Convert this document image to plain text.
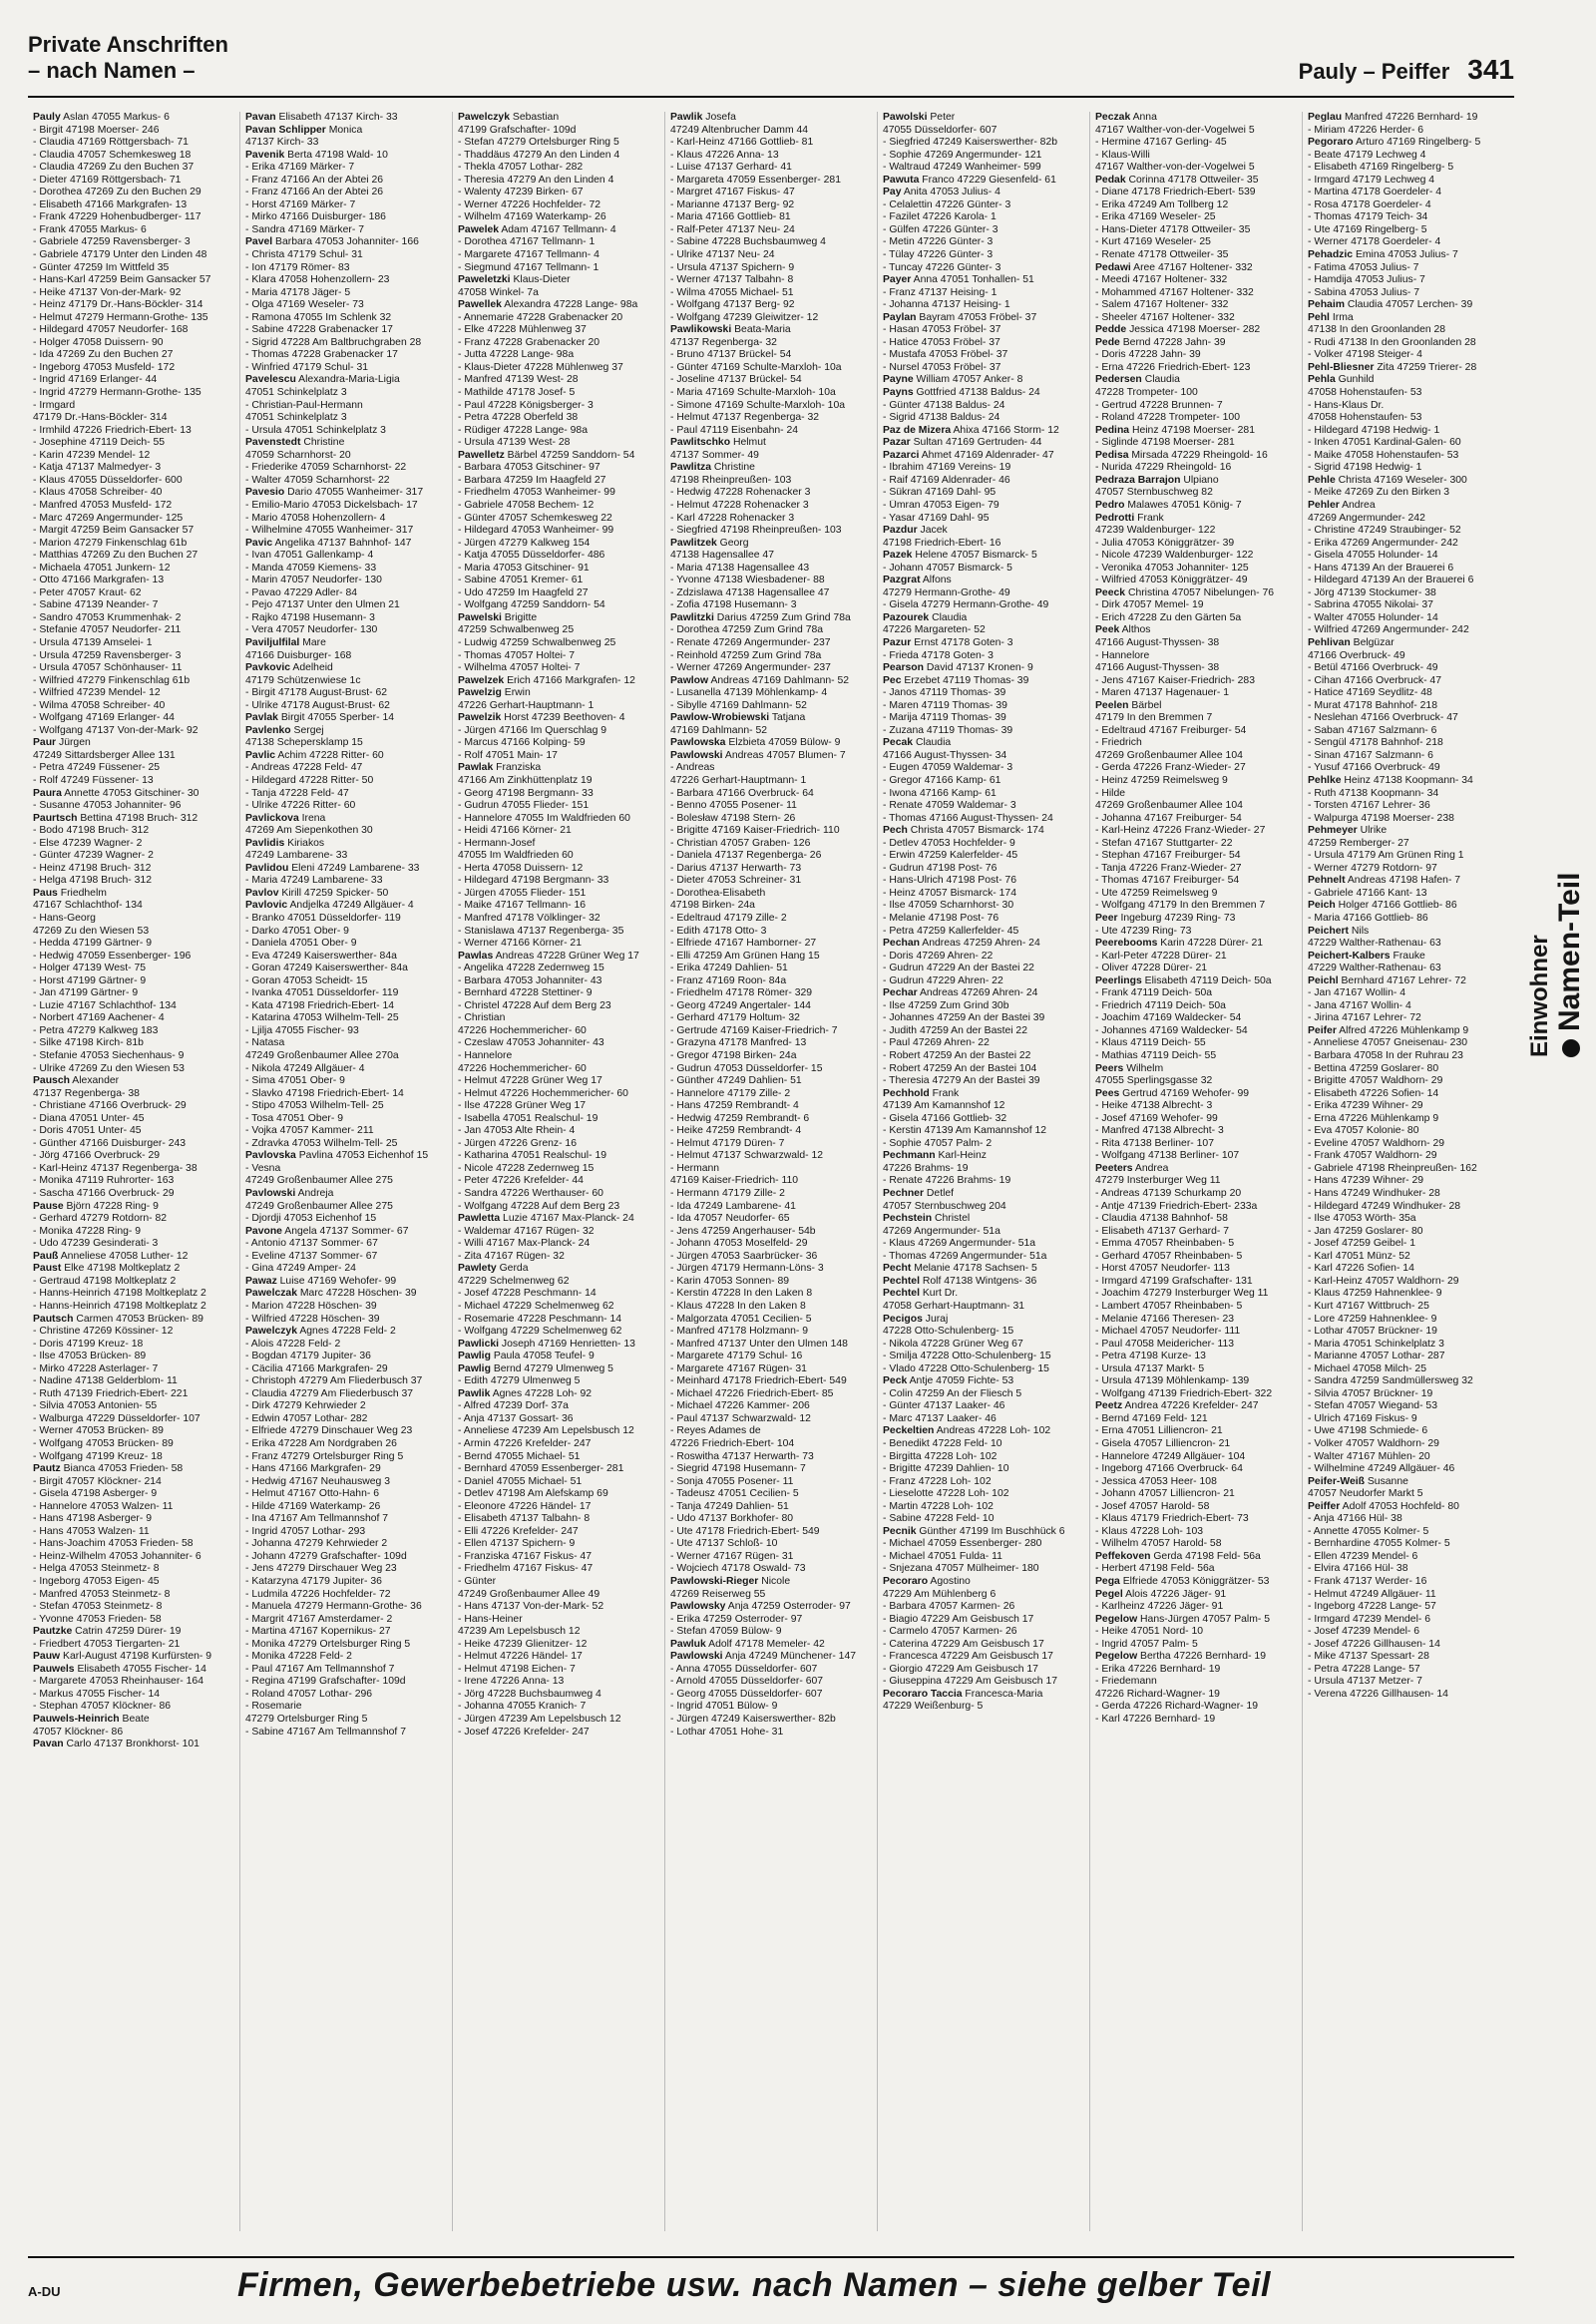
Private Anschriften
– nach Namen –	Pauly – Peiffer 341
Pauly Aslan 47055 Markus- 6
- Birgit 47198 Moerser- 246
- Claudia 47169 Röttgersbach- 71
- Claudia 47057 Schemkesweg 18
- Claudia 47269 Zu den Buchen 37
- Dieter 47169 Röttgersbach- 71
- Dorothea 47269 Zu den Buchen 29
- Elisabeth 47166 Markgrafen- 13
- Frank 47229 Hohenbudberger- 117
- Frank 47055 Markus- 6
- Gabriele 47259 Ravensberger- 3
- Gabriele 47179 Unter den Linden 48
- Günter 47259 Im Wittfeld 35
- Hans-Karl 47259 Beim Gansacker 57
- Heike 47137 Von-der-Mark- 92
- Heinz 47179 Dr.-Hans-Böckler- 314
- Helmut 47279 Hermann-Grothe- 135
- Hildegard 47057 Neudorfer- 168
- Holger 47058 Duissern- 90
- Ida 47269 Zu den Buchen 27
- Ingeborg 47053 Musfeld- 172
- Ingrid 47169 Erlanger- 44
- Ingrid 47279 Hermann-Grothe- 135
- Irmgard
47179 Dr.-Hans-Böckler- 314
- Irmhild 47226 Friedrich-Ebert- 13
- Josephine 47119 Deich- 55
- Karin 47239 Mendel- 12
- Katja 47137 Malmedyer- 3
- Klaus 47055 Düsseldorfer- 600
- Klaus 47058 Schreiber- 40
- Manfred 47053 Musfeld- 172
- Marc 47269 Angermunder- 125
- Margit 47259 Beim Gansacker 57
- Marion 47279 Finkenschlag 61b
- Matthias 47269 Zu den Buchen 27
- Michaela 47051 Junkern- 12
- Otto 47166 Markgrafen- 13
- Peter 47057 Kraut- 62
- Sabine 47139 Neander- 7
- Sandro 47053 Krummenhak- 2
- Stefanie 47057 Neudorfer- 211
- Ursula 47139 Amselei- 1
- Ursula 47259 Ravensberger- 3
- Ursula 47057 Schönhauser- 11
- Wilfried 47279 Finkenschlag 61b
- Wilfried 47239 Mendel- 12
- Wilma 47058 Schreiber- 40
- Wolfgang 47169 Erlanger- 44
- Wolfgang 47137 Von-der-Mark- 92
Paur Jürgen
47249 Sittardsberger Allee 131
- Petra 47249 Füssener- 25
- Rolf 47249 Füssener- 13
Paura Annette 47053 Gitschiner- 30
- Susanne 47053 Johanniter- 96
Paurtsch Bettina 47198 Bruch- 312
- Bodo 47198 Bruch- 312
- Else 47239 Wagner- 2
- Günter 47239 Wagner- 2
- Heinz 47198 Bruch- 312
- Helga 47198 Bruch- 312
Paus Friedhelm
47167 Schlachthof- 134
- Hans-Georg
47269 Zu den Wiesen 53
- Hedda 47199 Gärtner- 9
- Hedwig 47059 Essenberger- 196
- Holger 47139 West- 75
- Horst 47199 Gärtner- 9
- Jan 47199 Gärtner- 9
- Luzie 47167 Schlachthof- 134
- Norbert 47169 Aachener- 4
- Petra 47279 Kalkweg 183
- Silke 47198 Kirch- 81b
- Stefanie 47053 Siechenhaus- 9
- Ulrike 47269 Zu den Wiesen 53
Pausch Alexander
47137 Regenberga- 38
- Christiane 47166 Overbruck- 29
- Diana 47051 Unter- 45
- Doris 47051 Unter- 45
- Günther 47166 Duisburger- 243
- Jörg 47166 Overbruck- 29
- Karl-Heinz 47137 Regenberga- 38
- Monika 47119 Ruhrorter- 163
- Sascha 47166 Overbruck- 29
Pause Björn 47228 Ring- 9
- Gerhard 47279 Rotdorn- 82
- Monika 47228 Ring- 9
- Udo 47239 Gesinderati- 3
Pauß Anneliese 47058 Luther- 12
Paust Elke 47198 Moltkeplatz 2
- Gertraud 47198 Moltkeplatz 2
- Hanns-Heinrich 47198 Moltkeplatz 2
- Hanns-Heinrich 47198 Moltkeplatz 2
Pautsch Carmen 47053 Brücken- 89
- Christine 47269 Kössiner- 12
- Doris 47199 Kreuz- 18
- Ilse 47053 Brücken- 89
- Mirko 47228 Asterlager- 7
- Nadine 47138 Gelderblom- 11
- Ruth 47139 Friedrich-Ebert- 221
- Silvia 47053 Antonien- 55
- Walburga 47229 Düsseldorfer- 107
- Werner 47053 Brücken- 89
- Wolfgang 47053 Brücken- 89
- Wolfgang 47199 Kreuz- 18
Pautz Bianca 47053 Frieden- 58
- Birgit 47057 Klöckner- 214
- Gisela 47198 Asberger- 9
- Hannelore 47053 Walzen- 11
- Hans 47198 Asberger- 9
- Hans 47053 Walzen- 11
- Hans-Joachim 47053 Frieden- 58
- Heinz-Wilhelm 47053 Johanniter- 6
- Helga 47053 Steinmetz- 8
- Ingeborg 47053 Eigen- 45
- Manfred 47053 Steinmetz- 8
- Stefan 47053 Steinmetz- 8
- Yvonne 47053 Frieden- 58
Pautzke Catrin 47259 Dürer- 19
- Friedbert 47053 Tiergarten- 21
Pauw Karl-August 47198 Kurfürsten- 9
Pauwels Elisabeth 47055 Fischer- 14
- Margarete 47053 Rheinhauser- 164
- Markus 47055 Fischer- 14
- Stephan 47057 Klöckner- 86
Pauwels-Heinrich Beate
47057 Klöckner- 86
Pavan Carlo 47137 Bronkhorst- 101
Pavan Elisabeth 47137 Kirch- 33
Pavan Schlipper Monica
47137 Kirch- 33
Pavenik Berta 47198 Wald- 10
- Erika 47169 Märker- 7
- Franz 47166 An der Abtei 26
- Franz 47166 An der Abtei 26
- Horst 47169 Märker- 7
- Mirko 47166 Duisburger- 186
- Sandra 47169 Märker- 7
Pavel Barbara 47053 Johanniter- 166
- Christa 47179 Schul- 31
- Ion 47179 Römer- 83
- Klara 47058 Hohenzollern- 23
- Maria 47178 Jäger- 5
- Olga 47169 Weseler- 73
- Ramona 47055 Im Schlenk 32
- Sabine 47228 Grabenacker 17
- Sigrid 47228 Am Baltbruchgraben 28
- Thomas 47228 Grabenacker 17
- Winfried 47179 Schul- 31
Pavelescu Alexandra-Maria-Ligia
47051 Schinkelplatz 3
- Christian-Paul-Hermann
47051 Schinkelplatz 3
- Ursula 47051 Schinkelplatz 3
Pavenstedt Christine
47059 Scharnhorst- 20
- Friederike 47059 Scharnhorst- 22
- Walter 47059 Scharnhorst- 22
Pavesio Dario 47055 Wanheimer- 317
- Emilio-Mario 47053 Dickelsbach- 17
- Mario 47058 Hohenzollern- 4
- Wilhelmine 47055 Wanheimer- 317
Pavic Angelika 47137 Bahnhof- 147
- Ivan 47051 Gallenkamp- 4
- Manda 47059 Kiemens- 33
- Marin 47057 Neudorfer- 130
- Pavao 47229 Adler- 84
- Pejo 47137 Unter den Ulmen 21
- Rajko 47198 Husemann- 3
- Vera 47057 Neudorfer- 130
Paviljulfilal Mare
47166 Duisburger- 168
Pavkovic Adelheid
47179 Schützenwiese 1c
- Birgit 47178 August-Brust- 62
- Ulrike 47178 August-Brust- 62
Pavlak Birgit 47055 Sperber- 14
Pavlenko Sergej
47138 Schepersklamp 15
Pavlic Achim 47228 Ritter- 60
- Andreas 47228 Feld- 47
- Hildegard 47228 Ritter- 50
- Tanja 47228 Feld- 47
- Ulrike 47226 Ritter- 60
Pavlickova Irena
47269 Am Siepenkothen 30
Pavlidis Kiriakos
47249 Lambarene- 33
Pavlidou Eleni 47249 Lambarene- 33
- Maria 47249 Lambarene- 33
Pavlov Kirill 47259 Spicker- 50
Pavlovic Andjelka 47249 Allgäuer- 4
- Branko 47051 Düsseldorfer- 119
- Darko 47051 Ober- 9
- Daniela 47051 Ober- 9
- Eva 47249 Kaiserswerther- 84a
- Goran 47249 Kaiserswerther- 84a
- Goran 47053 Scheidt- 15
- Ivanka 47051 Düsseldorfer- 119
- Kata 47198 Friedrich-Ebert- 14
- Katarina 47053 Wilhelm-Tell- 25
- Ljilja 47055 Fischer- 93
- Natasa
47249 Großenbaumer Allee 270a
- Nikola 47249 Allgäuer- 4
- Sima 47051 Ober- 9
- Slavko 47198 Friedrich-Ebert- 14
- Stipo 47053 Wilhelm-Tell- 25
- Tosa 47051 Ober- 9
- Vojka 47057 Kammer- 211
- Zdravka 47053 Wilhelm-Tell- 25
Pavlovska Pavlina 47053 Eichenhof 15
- Vesna
47249 Großenbaumer Allee 275
Pavlowski Andreja
47249 Großenbaumer Allee 275
- Djordji 47053 Eichenhof 15
Pavone Angela 47137 Sommer- 67
- Antonio 47137 Sommer- 67
- Eveline 47137 Sommer- 67
- Gina 47249 Amper- 24
Pawaz Luise 47169 Wehofer- 99
Pawelczak Marc 47228 Höschen- 39
- Marion 47228 Höschen- 39
- Wilfried 47228 Höschen- 39
Pawelczyk Agnes 47228 Feld- 2
- Alois 47228 Feld- 2
- Bogdan 47179 Jupiter- 36
- Cäcilia 47166 Markgrafen- 29
- Christoph 47279 Am Fliederbusch 37
- Claudia 47279 Am Fliederbusch 37
- Dirk 47279 Kehrwieder 2
- Edwin 47057 Lothar- 282
- Elfriede 47279 Dinschauer Weg 23
- Erika 47228 Am Nordgraben 26
- Franz 47279 Ortelsburger Ring 5
- Hans 47166 Markgrafen- 29
- Hedwig 47167 Neuhausweg 3
- Helmut 47167 Otto-Hahn- 6
- Hilde 47169 Waterkamp- 26
- Ina 47167 Am Tellmannshof 7
- Ingrid 47057 Lothar- 293
- Johanna 47279 Kehrwieder 2
- Johann 47279 Grafschafter- 109d
- Jens 47279 Dirschauer Weg 23
- Katarzyna 47179 Jupiter- 36
- Ludmila 47226 Hochfelder- 72
- Manuela 47279 Hermann-Grothe- 36
- Margrit 47167 Amsterdamer- 2
- Martina 47167 Kopernikus- 27
- Monika 47279 Ortelsburger Ring 5
- Monika 47228 Feld- 2
- Paul 47167 Am Tellmannshof 7
- Regina 47199 Grafschafter- 109d
- Roland 47057 Lothar- 296
- Rosemarie
47279 Ortelsburger Ring 5
- Sabine 47167 Am Tellmannshof 7
Pawelczyk Sebastian
47199 Grafschafter- 109d
- Stefan 47279 Ortelsburger Ring 5
- Thaddäus 47279 An den Linden 4
- Thekla 47057 Lothar- 282
- Theresia 47279 An den Linden 4
- Walenty 47239 Birken- 67
- Werner 47226 Hochfelder- 72
- Wilhelm 47169 Waterkamp- 26
Pawelek Adam 47167 Tellmann- 4
- Dorothea 47167 Tellmann- 1
- Margarete 47167 Tellmann- 4
- Siegmund 47167 Tellmann- 1
Paweletzki Klaus-Dieter
47058 Winkel- 7a
Pawellek Alexandra 47228 Lange- 98a
- Annemarie 47228 Grabenacker 20
- Elke 47228 Mühlenweg 37
- Franz 47228 Grabenacker 20
- Jutta 47228 Lange- 98a
- Klaus-Dieter 47228 Mühlenweg 37
- Manfred 47139 West- 28
- Mathilde 47178 Josef- 5
- Paul 47228 Königsberger- 3
- Petra 47228 Oberfeld 38
- Rüdiger 47228 Lange- 98a
- Ursula 47139 West- 28
Pawelletz Bärbel 47259 Sanddorn- 54
- Barbara 47053 Gitschiner- 97
- Barbara 47259 Im Haagfeld 27
- Friedhelm 47053 Wanheimer- 99
- Gabriele 47058 Bechem- 12
- Günter 47057 Schemkesweg 22
- Hildegard 47053 Wanheimer- 99
- Jürgen 47279 Kalkweg 154
- Katja 47055 Düsseldorfer- 486
- Maria 47053 Gitschiner- 91
- Sabine 47051 Kremer- 61
- Udo 47259 Im Haagfeld 27
- Wolfgang 47259 Sanddorn- 54
Pawelski Brigitte
47259 Schwalbenweg 25
- Ludwig 47259 Schwalbenweg 25
- Thomas 47057 Holtei- 7
- Wilhelma 47057 Holtei- 7
Pawelzek Erich 47166 Markgrafen- 12
Pawelzig Erwin
47226 Gerhart-Hauptmann- 1
Pawelzik Horst 47239 Beethoven- 4
- Jürgen 47166 Im Querschlag 9
- Marcus 47166 Kolping- 59
- Rolf 47051 Main- 17
Pawlak Franziska
47166 Am Zinkhüttenplatz 19
- Georg 47198 Bergmann- 33
- Gudrun 47055 Flieder- 151
- Hannelore 47055 Im Waldfrieden 60
- Heidi 47166 Körner- 21
- Hermann-Josef
47055 Im Waldfrieden 60
- Herta 47058 Duissern- 12
- Hildegard 47198 Bergmann- 33
- Jürgen 47055 Flieder- 151
- Maike 47167 Tellmann- 16
- Manfred 47178 Völklinger- 32
- Stanislawa 47137 Regenberga- 35
- Werner 47166 Körner- 21
Pawlas Andreas 47228 Grüner Weg 17
- Angelika 47228 Zedernweg 15
- Barbara 47053 Johanniter- 43
- Bernhard 47228 Stettiner- 9
- Christel 47228 Auf dem Berg 23
- Christian
47226 Hochemmericher- 60
- Czeslaw 47053 Johanniter- 43
- Hannelore
47226 Hochemmericher- 60
- Helmut 47228 Grüner Weg 17
- Helmut 47226 Hochemmericher- 60
- Ilse 47228 Grüner Weg 17
- Isabella 47051 Realschul- 19
- Jan 47053 Alte Rhein- 4
- Jürgen 47226 Grenz- 16
- Katharina 47051 Realschul- 19
- Nicole 47228 Zedernweg 15
- Peter 47226 Krefelder- 44
- Sandra 47226 Werthauser- 60
- Wolfgang 47228 Auf dem Berg 23
Pawletta Luzie 47167 Max-Planck- 24
- Waldemar 47167 Rügen- 32
- Willi 47167 Max-Planck- 24
- Zita 47167 Rügen- 32
Pawlety Gerda
47229 Schelmenweg 62
- Josef 47228 Peschmann- 14
- Michael 47229 Schelmenweg 62
- Rosemarie 47228 Peschmann- 14
- Wolfgang 47229 Schelmenweg 62
Pawlicki Joseph 47169 Henrietten- 13
Pawlig Paula 47058 Teufel- 9
Pawlig Bernd 47279 Ulmenweg 5
- Edith 47279 Ulmenweg 5
Pawlik Agnes 47228 Loh- 92
- Alfred 47239 Dorf- 37a
- Anja 47137 Gossart- 36
- Anneliese 47239 Am Lepelsbusch 12
- Armin 47226 Krefelder- 247
- Bernd 47055 Michael- 51
- Bernhard 47059 Essenberger- 281
- Daniel 47055 Michael- 51
- Detlev 47198 Am Alefskamp 69
- Eleonore 47226 Händel- 17
- Elisabeth 47137 Talbahn- 8
- Elli 47226 Krefelder- 247
- Ellen 47137 Spichern- 9
- Franziska 47167 Fiskus- 47
- Friedhelm 47167 Fiskus- 47
- Günter
47249 Großenbaumer Allee 49
- Hans 47137 Von-der-Mark- 52
- Hans-Heiner
47239 Am Lepelsbusch 12
- Heike 47239 Glienitzer- 12
- Helmut 47226 Händel- 17
- Helmut 47198 Eichen- 7
- Irene 47226 Anna- 13
- Jörg 47228 Buchsbaumweg 4
- Johanna 47055 Kranich- 7
- Jürgen 47239 Am Lepelsbusch 12
- Josef 47226 Krefelder- 247
Pawlik Josefa
47249 Altenbrucher Damm 44
- Karl-Heinz 47166 Gottlieb- 81
- Klaus 47226 Anna- 13
- Luise 47137 Gerhard- 41
- Margareta 47059 Essenberger- 281
- Margret 47167 Fiskus- 47
- Marianne 47137 Berg- 92
- Maria 47166 Gottlieb- 81
- Ralf-Peter 47137 Neu- 24
- Sabine 47228 Buchsbaumweg 4
- Ulrike 47137 Neu- 24
- Ursula 47137 Spichern- 9
- Werner 47137 Talbahn- 8
- Wilma 47055 Michael- 51
- Wolfgang 47137 Berg- 92
- Wolfgang 47239 Gleiwitzer- 12
Pawlikowski Beata-Maria
47137 Regenberga- 32
- Bruno 47137 Brückel- 54
- Günter 47169 Schulte-Marxloh- 10a
- Joseline 47137 Brückel- 54
- Maria 47169 Schulte-Marxloh- 10a
- Simone 47169 Schulte-Marxloh- 10a
- Helmut 47137 Regenberga- 32
- Paul 47119 Eisenbahn- 24
Pawlitschko Helmut
47137 Sommer- 49
Pawlitza Christine
47198 Rheinpreußen- 103
- Hedwig 47228 Rohenacker 3
- Helmut 47228 Rohenacker 3
- Karl 47228 Rohenacker 3
- Siegfried 47198 Rheinpreußen- 103
Pawlitzek Georg
47138 Hagensallee 47
- Maria 47138 Hagensallee 43
- Yvonne 47138 Wiesbadener- 88
- Zdzislawa 47138 Hagensallee 47
- Zofia 47198 Husemann- 3
Pawlitzki Darius 47259 Zum Grind 78a
- Dorothea 47259 Zum Grind 78a
- Renate 47269 Angermunder- 237
- Reinhold 47259 Zum Grind 78a
- Werner 47269 Angermunder- 237
Pawlow Andreas 47169 Dahlmann- 52
- Lusanella 47139 Möhlenkamp- 4
- Sibylle 47169 Dahlmann- 52
Pawlow-Wrobiewski Tatjana
47169 Dahlmann- 52
Pawlowska Elzbieta 47059 Bülow- 9
Pawlowski Andreas 47057 Blumen- 7
- Andreas
47226 Gerhart-Hauptmann- 1
- Barbara 47166 Overbruck- 64
- Benno 47055 Posener- 11
- Bolesław 47198 Stern- 26
- Brigitte 47169 Kaiser-Friedrich- 110
- Christian 47057 Graben- 126
- Daniela 47137 Regenberga- 26
- Darius 47137 Herwarth- 73
- Dieter 47053 Schreiner- 31
- Dorothea-Elisabeth
47198 Birken- 24a
- Edeltraud 47179 Zille- 2
- Edith 47178 Otto- 3
- Elfriede 47167 Hamborner- 27
- Elli 47259 Am Grünen Hang 15
- Erika 47249 Dahlien- 51
- Franz 47169 Roon- 84a
- Friedhelm 47178 Römer- 329
- Georg 47249 Angertaler- 144
- Gerhard 47179 Holtum- 32
- Gertrude 47169 Kaiser-Friedrich- 7
- Grazyna 47178 Manfred- 13
- Gregor 47198 Birken- 24a
- Gudrun 47053 Düsseldorfer- 15
- Günther 47249 Dahlien- 51
- Hannelore 47179 Zille- 2
- Hans 47259 Rembrandt- 4
- Hedwig 47259 Rembrandt- 6
- Heike 47259 Rembrandt- 4
- Helmut 47179 Düren- 7
- Helmut 47137 Schwarzwald- 12
- Hermann
47169 Kaiser-Friedrich- 110
- Hermann 47179 Zille- 2
- Ida 47249 Lambarene- 41
- Ida 47057 Neudorfer- 65
- Jens 47259 Angerhauser- 54b
- Johann 47053 Moselfeld- 29
- Jürgen 47053 Saarbrücker- 36
- Jürgen 47179 Hermann-Löns- 3
- Karin 47053 Sonnen- 89
- Kerstin 47228 In den Laken 8
- Klaus 47228 In den Laken 8
- Malgorzata 47051 Cecilien- 5
- Manfred 47178 Holzmann- 9
- Manfred 47137 Unter den Ulmen 148
- Margarete 47179 Schul- 16
- Margarete 47167 Rügen- 31
- Meinhard 47178 Friedrich-Ebert- 549
- Michael 47226 Friedrich-Ebert- 85
- Michael 47226 Kammer- 206
- Paul 47137 Schwarzwald- 12
- Reyes Adames de
47226 Friedrich-Ebert- 104
- Roswitha 47137 Herwarth- 73
- Siegrid 47198 Husemann- 7
- Sonja 47055 Posener- 11
- Tadeusz 47051 Cecilien- 5
- Tanja 47249 Dahlien- 51
- Udo 47137 Borkhofer- 80
- Ute 47178 Friedrich-Ebert- 549
- Ute 47137 Schloß- 10
- Werner 47167 Rügen- 31
- Wojciech 47178 Oswald- 73
Pawlowski-Rieger Nicole
47269 Reiserweg 55
Pawlowsky Anja 47259 Osterroder- 97
- Erika 47259 Osterroder- 97
- Stefan 47059 Bülow- 9
Pawluk Adolf 47178 Memeler- 42
Pawlowski Anja 47249 Münchener- 147
- Anna 47055 Düsseldorfer- 607
- Arnold 47055 Düsseldorfer- 607
- Georg 47055 Düsseldorfer- 607
- Ingrid 47051 Bülow- 9
- Jürgen 47249 Kaiserswerther- 82b
- Lothar 47051 Hohe- 31
Pawolski Peter
47055 Düsseldorfer- 607
- Siegfried 47249 Kaiserswerther- 82b
- Sophie 47269 Angermunder- 121
- Waltraud 47249 Wanheimer- 599
Pawuta Franco 47229 Giesenfeld- 61
Pay Anita 47053 Julius- 4
- Celalettin 47226 Günter- 3
- Fazilet 47226 Karola- 1
- Gülfen 47226 Günter- 3
- Metin 47226 Günter- 3
- Tülay 47226 Günter- 3
- Tuncay 47226 Günter- 3
Payer Anna 47051 Tonhallen- 51
- Franz 47137 Heising- 1
- Johanna 47137 Heising- 1
Paylan Bayram 47053 Fröbel- 37
- Hasan 47053 Fröbel- 37
- Hatice 47053 Fröbel- 37
- Mustafa 47053 Fröbel- 37
- Nursel 47053 Fröbel- 37
Payne William 47057 Anker- 8
Payns Gottfried 47138 Baldus- 24
- Günter 47138 Baldus- 24
- Sigrid 47138 Baldus- 24
Paz de Mizera Ahixa 47166 Storm- 12
Pazar Sultan 47169 Gertruden- 44
Pazarci Ahmet 47169 Aldenrader- 47
- Ibrahim 47169 Vereins- 19
- Raif 47169 Aldenrader- 46
- Sükran 47169 Dahl- 95
- Ümran 47053 Eigen- 79
- Yasar 47169 Dahl- 95
Pazdur Jacek
47198 Friedrich-Ebert- 16
Pazek Helene 47057 Bismarck- 5
- Johann 47057 Bismarck- 5
Pazgrat Alfons
47279 Hermann-Grothe- 49
- Gisela 47279 Hermann-Grothe- 49
Pazourek Claudia
47226 Margareten- 52
Pazur Ernst 47178 Goten- 3
- Frieda 47178 Goten- 3
Pearson David 47137 Kronen- 9
Pec Erzebet 47119 Thomas- 39
- Janos 47119 Thomas- 39
- Maren 47119 Thomas- 39
- Marija 47119 Thomas- 39
- Zuzana 47119 Thomas- 39
Pecak Claudia
47166 August-Thyssen- 34
- Eugen 47059 Waldemar- 3
- Gregor 47166 Kamp- 61
- Iwona 47166 Kamp- 61
- Renate 47059 Waldemar- 3
- Thomas 47166 August-Thyssen- 24
Pech Christa 47057 Bismarck- 174
- Detlev 47053 Hochfelder- 9
- Erwin 47259 Kalerfelder- 45
- Gudrun 47198 Post- 76
- Hans-Ulrich 47198 Post- 76
- Heinz 47057 Bismarck- 174
- Ilse 47059 Scharnhorst- 30
- Melanie 47198 Post- 76
- Petra 47259 Kallerfelder- 45
Pechan Andreas 47259 Ahren- 24
- Doris 47269 Ahren- 22
- Gudrun 47229 An der Bastei 22
- Gudrun 47229 Ahren- 22
Pechar Andreas 47269 Ahren- 24
- Ilse 47259 Zum Grind 30b
- Johannes 47259 An der Bastei 39
- Judith 47259 An der Bastei 22
- Paul 47269 Ahren- 22
- Robert 47259 An der Bastei 22
- Robert 47259 An der Bastei 104
- Theresia 47279 An der Bastei 39
Pechhold Frank
47139 Am Kamannshof 12
- Gisela 47166 Gottlieb- 32
- Kerstin 47139 Am Kamannshof 12
- Sophie 47057 Palm- 2
Pechmann Karl-Heinz
47226 Brahms- 19
- Renate 47226 Brahms- 19
Pechner Detlef
47057 Sternbuschweg 204
Pechstein Christel
47269 Angermunder- 51a
- Klaus 47269 Angermunder- 51a
- Thomas 47269 Angermunder- 51a
Pecht Melanie 47178 Sachsen- 5
Pechtel Rolf 47138 Wintgens- 36
Pechtel Kurt Dr.
47058 Gerhart-Hauptmann- 31
Pecigos Juraj
47228 Otto-Schulenberg- 15
- Nikola 47228 Grüner Weg 67
- Smilja 47228 Otto-Schulenberg- 15
- Vlado 47228 Otto-Schulenberg- 15
Peck Antje 47059 Fichte- 53
- Colin 47259 An der Fliesch 5
- Günter 47137 Laaker- 46
- Marc 47137 Laaker- 46
Peckeltien Andreas 47228 Loh- 102
- Benedikt 47228 Feld- 10
- Birgitta 47228 Loh- 102
- Brigitte 47239 Dahlien- 10
- Franz 47228 Loh- 102
- Lieselotte 47228 Loh- 102
- Martin 47228 Loh- 102
- Sabine 47228 Feld- 10
Pecnik Günther 47199 Im Buschhück 6
- Michael 47059 Essenberger- 280
- Michael 47051 Fulda- 11
- Snjezana 47057 Mülheimer- 180
Pecoraro Agostino
47229 Am Mühlenberg 6
- Barbara 47057 Karmen- 26
- Biagio 47229 Am Geisbusch 17
- Carmelo 47057 Karmen- 26
- Caterina 47229 Am Geisbusch 17
- Francesca 47229 Am Geisbusch 17
- Giorgio 47229 Am Geisbusch 17
- Giuseppina 47229 Am Geisbusch 17
Pecoraro Taccia Francesca-Maria
47229 Weißenburg- 5
Peczak Anna
47167 Walther-von-der-Vogelwei 5
- Hermine 47167 Gerling- 45
- Klaus-Willi
47167 Walther-von-der-Vogelwei 5
Pedak Corinna 47178 Ottweiler- 35
- Diane 47178 Friedrich-Ebert- 539
- Erika 47249 Am Tollberg 12
- Erika 47169 Weseler- 25
- Hans-Dieter 47178 Ottweiler- 35
- Kurt 47169 Weseler- 25
- Renate 47178 Ottweiler- 35
Pedawi Aree 47167 Holtener- 332
- Meedi 47167 Holtener- 332
- Mohammed 47167 Holtener- 332
- Salem 47167 Holtener- 332
- Sheeler 47167 Holtener- 332
Pedde Jessica 47198 Moerser- 282
Pede Bernd 47228 Jahn- 39
- Doris 47228 Jahn- 39
- Erna 47226 Friedrich-Ebert- 123
Pedersen Claudia
47228 Trompeter- 100
- Gertrud 47228 Brunnen- 7
- Roland 47228 Trompeter- 100
Pedina Heinz 47198 Moerser- 281
- Siglinde 47198 Moerser- 281
Pedisa Mirsada 47229 Rheingold- 16
- Nurida 47229 Rheingold- 16
Pedraza Barrajon Ulpiano
47057 Sternbuschweg 82
Pedro Malawes 47051 König- 7
Pedrotti Frank
47239 Waldenburger- 122
- Julia 47053 Königgrätzer- 39
- Nicole 47239 Waldenburger- 122
- Veronika 47053 Johanniter- 125
- Wilfried 47053 Königgrätzer- 49
Peeck Christina 47057 Nibelungen- 76
- Dirk 47057 Memel- 19
- Erich 47228 Zu den Gärten 5a
Peek Althos
47166 August-Thyssen- 38
- Hannelore
47166 August-Thyssen- 38
- Jens 47167 Kaiser-Friedrich- 283
- Maren 47137 Hagenauer- 1
Peelen Bärbel
47179 In den Bremmen 7
- Edeltraud 47167 Freiburger- 54
- Friedrich
47269 Großenbaumer Allee 104
- Gerda 47226 Franz-Wieder- 27
- Heinz 47259 Reimelsweg 9
- Hilde
47269 Großenbaumer Allee 104
- Johanna 47167 Freiburger- 54
- Karl-Heinz 47226 Franz-Wieder- 27
- Stefan 47167 Stuttgarter- 22
- Stephan 47167 Freiburger- 54
- Tanja 47226 Franz-Wieder- 27
- Thomas 47167 Freiburger- 54
- Ute 47259 Reimelsweg 9
- Wolfgang 47179 In den Bremmen 7
Peer Ingeburg 47239 Ring- 73
- Ute 47239 Ring- 73
Peerebooms Karin 47228 Dürer- 21
- Karl-Peter 47228 Dürer- 21
- Oliver 47228 Dürer- 21
Peerlings Elisabeth 47119 Deich- 50a
- Frank 47119 Deich- 50a
- Friedrich 47119 Deich- 50a
- Joachim 47169 Waldecker- 54
- Johannes 47169 Waldecker- 54
- Klaus 47119 Deich- 55
- Mathias 47119 Deich- 55
Peers Wilhelm
47055 Sperlingsgasse 32
Pees Gertrud 47169 Wehofer- 99
- Heike 47138 Albrecht- 3
- Josef 47169 Wehofer- 99
- Manfred 47138 Albrecht- 3
- Rita 47138 Berliner- 107
- Wolfgang 47138 Berliner- 107
Peeters Andrea
47279 Insterburger Weg 11
- Andreas 47139 Schurkamp 20
- Antje 47139 Friedrich-Ebert- 233a
- Claudia 47138 Bahnhof- 58
- Elisabeth 47137 Gerhard- 7
- Emma 47057 Rheinbaben- 5
- Gerhard 47057 Rheinbaben- 5
- Horst 47057 Neudorfer- 113
- Irmgard 47199 Grafschafter- 131
- Joachim 47279 Insterburger Weg 11
- Lambert 47057 Rheinbaben- 5
- Melanie 47166 Theresen- 23
- Michael 47057 Neudorfer- 111
- Paul 47058 Meidericher- 113
- Petra 47198 Kurze- 13
- Ursula 47137 Markt- 5
- Ursula 47139 Möhlenkamp- 139
- Wolfgang 47139 Friedrich-Ebert- 322
Peetz Andrea 47226 Krefelder- 247
- Bernd 47169 Feld- 121
- Erna 47051 Lilliencron- 21
- Gisela 47057 Lilliencron- 21
- Hannelore 47249 Allgäuer- 104
- Ingeborg 47166 Overbruck- 64
- Jessica 47053 Heer- 108
- Johann 47057 Lilliencron- 21
- Josef 47057 Harold- 58
- Klaus 47179 Friedrich-Ebert- 73
- Klaus 47228 Loh- 103
- Wilhelm 47057 Harold- 58
Peffekoven Gerda 47198 Feld- 56a
- Herbert 47198 Feld- 56a
Pega Elfriede 47053 Königgrätzer- 53
Pegel Alois 47226 Jäger- 91
- Karlheinz 47226 Jäger- 91
Pegelow Hans-Jürgen 47057 Palm- 5
- Heike 47051 Nord- 10
- Ingrid 47057 Palm- 5
Pegelow Bertha 47226 Bernhard- 19
- Erika 47226 Bernhard- 19
- Friedemann
47226 Richard-Wagner- 19
- Gerda 47226 Richard-Wagner- 19
- Karl 47226 Bernhard- 19
Peglau Manfred 47226 Bernhard- 19
- Miriam 47226 Herder- 6
Pegoraro Arturo 47169 Ringelberg- 5
- Beate 47179 Lechweg 4
- Elisabeth 47169 Ringelberg- 5
- Irmgard 47179 Lechweg 4
- Martina 47178 Goerdeler- 4
- Rosa 47178 Goerdeler- 4
- Thomas 47179 Teich- 34
- Ute 47169 Ringelberg- 5
- Werner 47178 Goerdeler- 4
Pehadzic Emina 47053 Julius- 7
- Fatima 47053 Julius- 7
- Hamdija 47053 Julius- 7
- Sabina 47053 Julius- 7
Pehaim Claudia 47057 Lerchen- 39
Pehl Irma
47138 In den Groonlanden 28
- Rudi 47138 In den Groonlanden 28
- Volker 47198 Steiger- 4
Pehl-Bliesner Zita 47259 Trierer- 28
Pehla Gunhild
47058 Hohenstaufen- 53
- Hans-Klaus Dr.
47058 Hohenstaufen- 53
- Hildegard 47198 Hedwig- 1
- Inken 47051 Kardinal-Galen- 60
- Maike 47058 Hohenstaufen- 53
- Sigrid 47198 Hedwig- 1
Pehle Christa 47169 Weseler- 300
- Meike 47269 Zu den Birken 3
Pehler Andrea
47269 Angermunder- 242
- Christine 47249 Straubinger- 52
- Erika 47269 Angermunder- 242
- Gisela 47055 Holunder- 14
- Hans 47139 An der Brauerei 6
- Hildegard 47139 An der Brauerei 6
- Jörg 47139 Stockumer- 38
- Sabrina 47055 Nikolai- 37
- Walter 47055 Holunder- 14
- Wilfried 47269 Angermunder- 242
Pehlivan Belgüzar
47166 Overbruck- 49
- Betül 47166 Overbruck- 49
- Cihan 47166 Overbruck- 47
- Hatice 47169 Seydlitz- 48
- Murat 47178 Bahnhof- 218
- Neslehan 47166 Overbruck- 47
- Saban 47167 Salzmann- 6
- Sengül 47178 Bahnhof- 218
- Sinan 47167 Salzmann- 6
- Yusuf 47166 Overbruck- 49
Pehlke Heinz 47138 Koopmann- 34
- Ruth 47138 Koopmann- 34
- Torsten 47167 Lehrer- 36
- Walpurga 47198 Moerser- 238
Pehmeyer Ulrike
47259 Remberger- 27
- Ursula 47179 Am Grünen Ring 1
- Werner 47279 Rotdorn- 97
Pehnelt Andreas 47198 Hafen- 7
- Gabriele 47166 Kant- 13
Peich Holger 47166 Gottlieb- 86
- Maria 47166 Gottlieb- 86
Peichert Nils
47229 Walther-Rathenau- 63
Peichert-Kalbers Frauke
47229 Walther-Rathenau- 63
Peichl Bernhard 47167 Lehrer- 72
- Jan 47167 Wollin- 4
- Jana 47167 Wollin- 4
- Jirina 47167 Lehrer- 72
Peifer Alfred 47226 Mühlenkamp 9
- Anneliese 47057 Gneisenau- 230
- Barbara 47058 In der Ruhrau 23
- Bettina 47259 Goslarer- 80
- Brigitte 47057 Waldhorn- 29
- Elisabeth 47226 Sofien- 14
- Erika 47239 Wihner- 29
- Erna 47226 Mühlenkamp 9
- Eva 47057 Kolonie- 80
- Eveline 47057 Waldhorn- 29
- Frank 47057 Waldhorn- 29
- Gabriele 47198 Rheinpreußen- 162
- Hans 47239 Wihner- 29
- Hans 47249 Windhuker- 28
- Hildegard 47249 Windhuker- 28
- Ilse 47053 Wörth- 35a
- Jan 47259 Goslarer- 80
- Josef 47259 Geibel- 1
- Karl 47051 Münz- 52
- Karl 47226 Sofien- 14
- Karl-Heinz 47057 Waldhorn- 29
- Klaus 47259 Hahnenklee- 9
- Kurt 47167 Wittbruch- 25
- Lore 47259 Hahnenklee- 9
- Lothar 47057 Brückner- 19
- Maria 47051 Schinkelplatz 3
- Marianne 47057 Lothar- 287
- Michael 47058 Milch- 25
- Sandra 47259 Sandmüllersweg 32
- Silvia 47057 Brückner- 19
- Stefan 47057 Wiegand- 53
- Ulrich 47169 Fiskus- 9
- Uwe 47198 Schmiede- 6
- Volker 47057 Waldhorn- 29
- Walter 47167 Mühlen- 20
- Wilhelmine 47249 Allgäuer- 46
Peifer-Weiß Susanne
47057 Neudorfer Markt 5
Peiffer Adolf 47053 Hochfeld- 80
- Anja 47166 Hül- 38
- Annette 47055 Kolmer- 5
- Bernhardine 47055 Kolmer- 5
- Ellen 47239 Mendel- 6
- Elvira 47166 Hül- 38
- Frank 47137 Werder- 16
- Helmut 47249 Allgäuer- 11
- Ingeborg 47228 Lange- 57
- Irmgard 47239 Mendel- 6
- Josef 47239 Mendel- 6
- Josef 47226 Gillhausen- 14
- Mike 47137 Spessart- 28
- Petra 47228 Lange- 57
- Ursula 47137 Metzer- 7
- Verena 47226 Gillhausen- 14
Einwohner Namen-Teil
A-DU	Firmen, Gewerbebetriebe usw. nach Namen – siehe gelber Teil
